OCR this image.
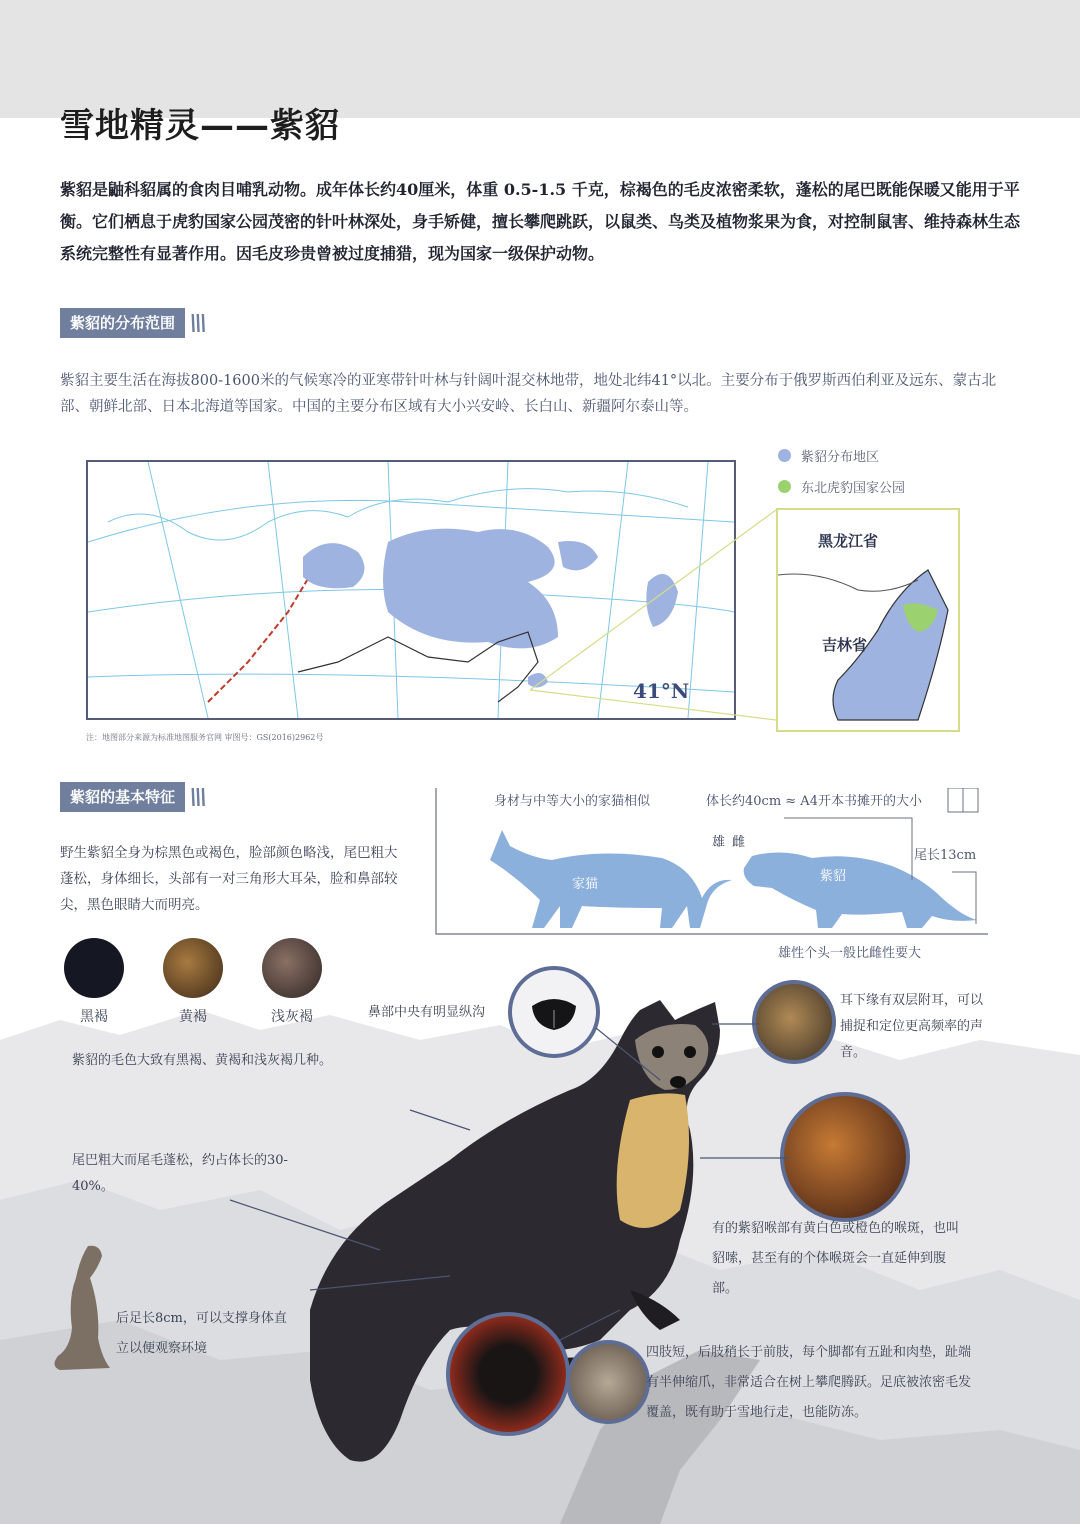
雪地精灵——紫貂
紫貂是鼬科貂属的食肉目哺乳动物。成年体长约40厘米，体重 0.5-1.5 千克，棕褐色的毛皮浓密柔软，蓬松的尾巴既能保暖又能用于平衡。它们栖息于虎豹国家公园茂密的针叶林深处，身手矫健，擅长攀爬跳跃，以鼠类、鸟类及植物浆果为食，对控制鼠害、维持森林生态系统完整性有显著作用。因毛皮珍贵曾被过度捕猎，现为国家一级保护动物。
紫貂的分布范围 \\\
紫貂主要生活在海拔800-1600米的气候寒冷的亚寒带针叶林与针阔叶混交林地带，地处北纬41°以北。主要分布于俄罗斯西伯利亚及远东、蒙古北部、朝鲜北部、日本北海道等国家。中国的主要分布区域有大小兴安岭、长白山、新疆阿尔泰山等。
紫貂分布地区
东北虎豹国家公园
41°N
黑龙江省
吉林省
注：地图部分来源为标准地图服务官网 审图号：GS(2016)2962号
紫貂的基本特征 \\\
野生紫貂全身为棕黑色或褐色，脸部颜色略浅，尾巴粗大蓬松，身体细长，头部有一对三角形大耳朵，脸和鼻部较尖，黑色眼睛大而明亮。
黑褐	黄褐	浅灰褐
紫貂的毛色大致有黑褐、黄褐和浅灰褐几种。
家猫
紫貂
雄 雌
身材与中等大小的家猫相似	体长约40cm ≈ A4开本书摊开的大小
尾长13cm
雄性个头一般比雌性要大
鼻部中央有明显纵沟
耳下缘有双层附耳，可以捕捉和定位更高频率的声音。
有的紫貂喉部有黄白色或橙色的喉斑，也叫貂嗦，甚至有的个体喉斑会一直延伸到腹部。
尾巴粗大而尾毛蓬松，约占体长的30-40%。
后足长8cm，可以支撑身体直立以便观察环境	四肢短，后肢稍长于前肢，每个脚都有五趾和肉垫，趾端有半伸缩爪，非常适合在树上攀爬腾跃。足底被浓密毛发覆盖，既有助于雪地行走，也能防冻。
